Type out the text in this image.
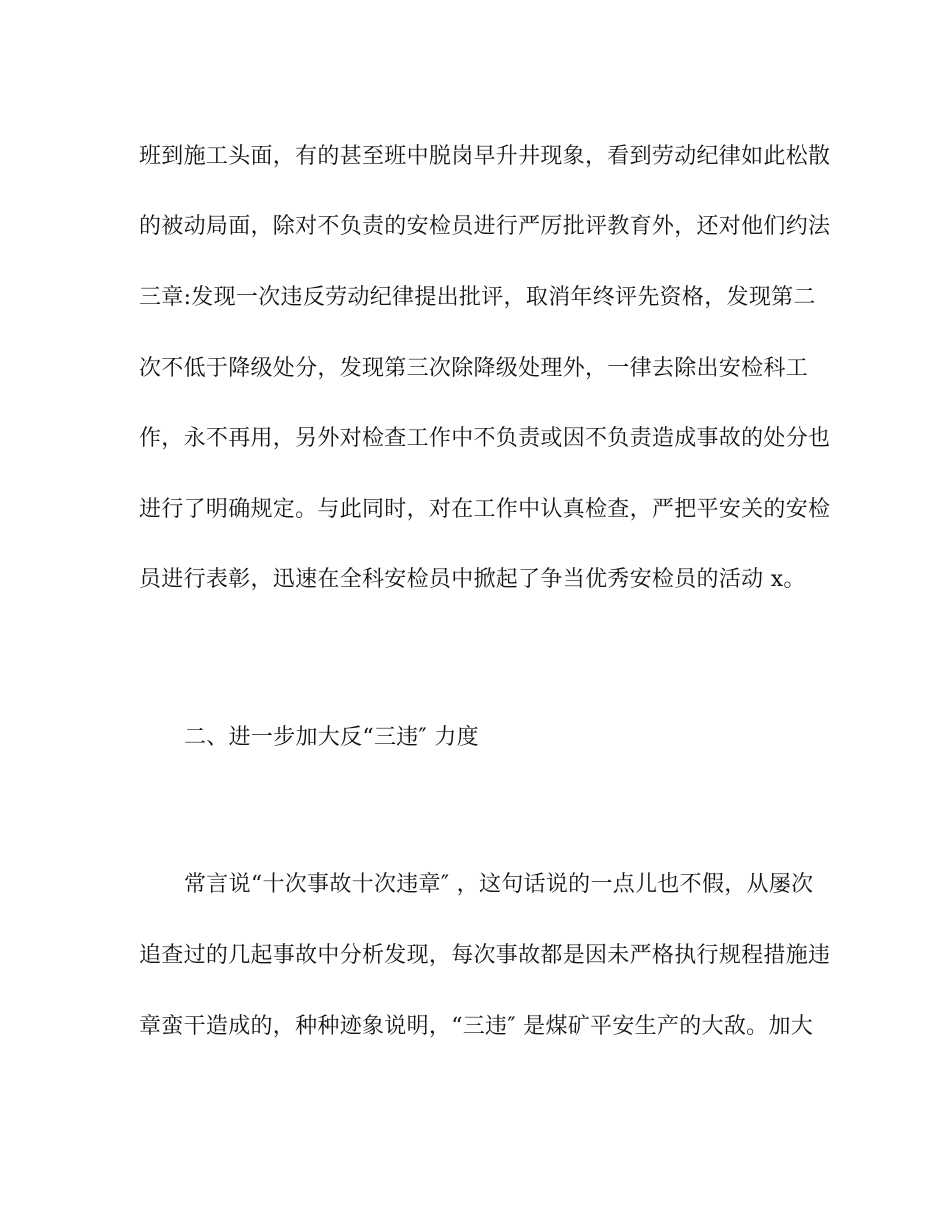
班到施工头面，有的甚至班中脱岗早升井现象，看到劳动纪律如此松散
的被动局面，除对不负责的安检员进行严厉批评教育外，还对他们约法
三章:发现一次违反劳动纪律提出批评，取消年终评先资格，发现第二
次不低于降级处分，发现第三次除降级处理外，一律去除出安检科工
作，永不再用，另外对检查工作中不负责或因不负责造成事故的处分也
进行了明确规定。与此同时，对在工作中认真检查，严把平安关的安检
员进行表彰，迅速在全科安检员中掀起了争当优秀安检员的活动 x。
二、进一步加大反“三违″ 力度
常言说“十次事故十次违章″ ，这句话说的一点儿也不假，从屡次
追查过的几起事故中分析发现，每次事故都是因未严格执行规程措施违
章蛮干造成的，种种迹象说明，“三违″ 是煤矿平安生产的大敌。加大
